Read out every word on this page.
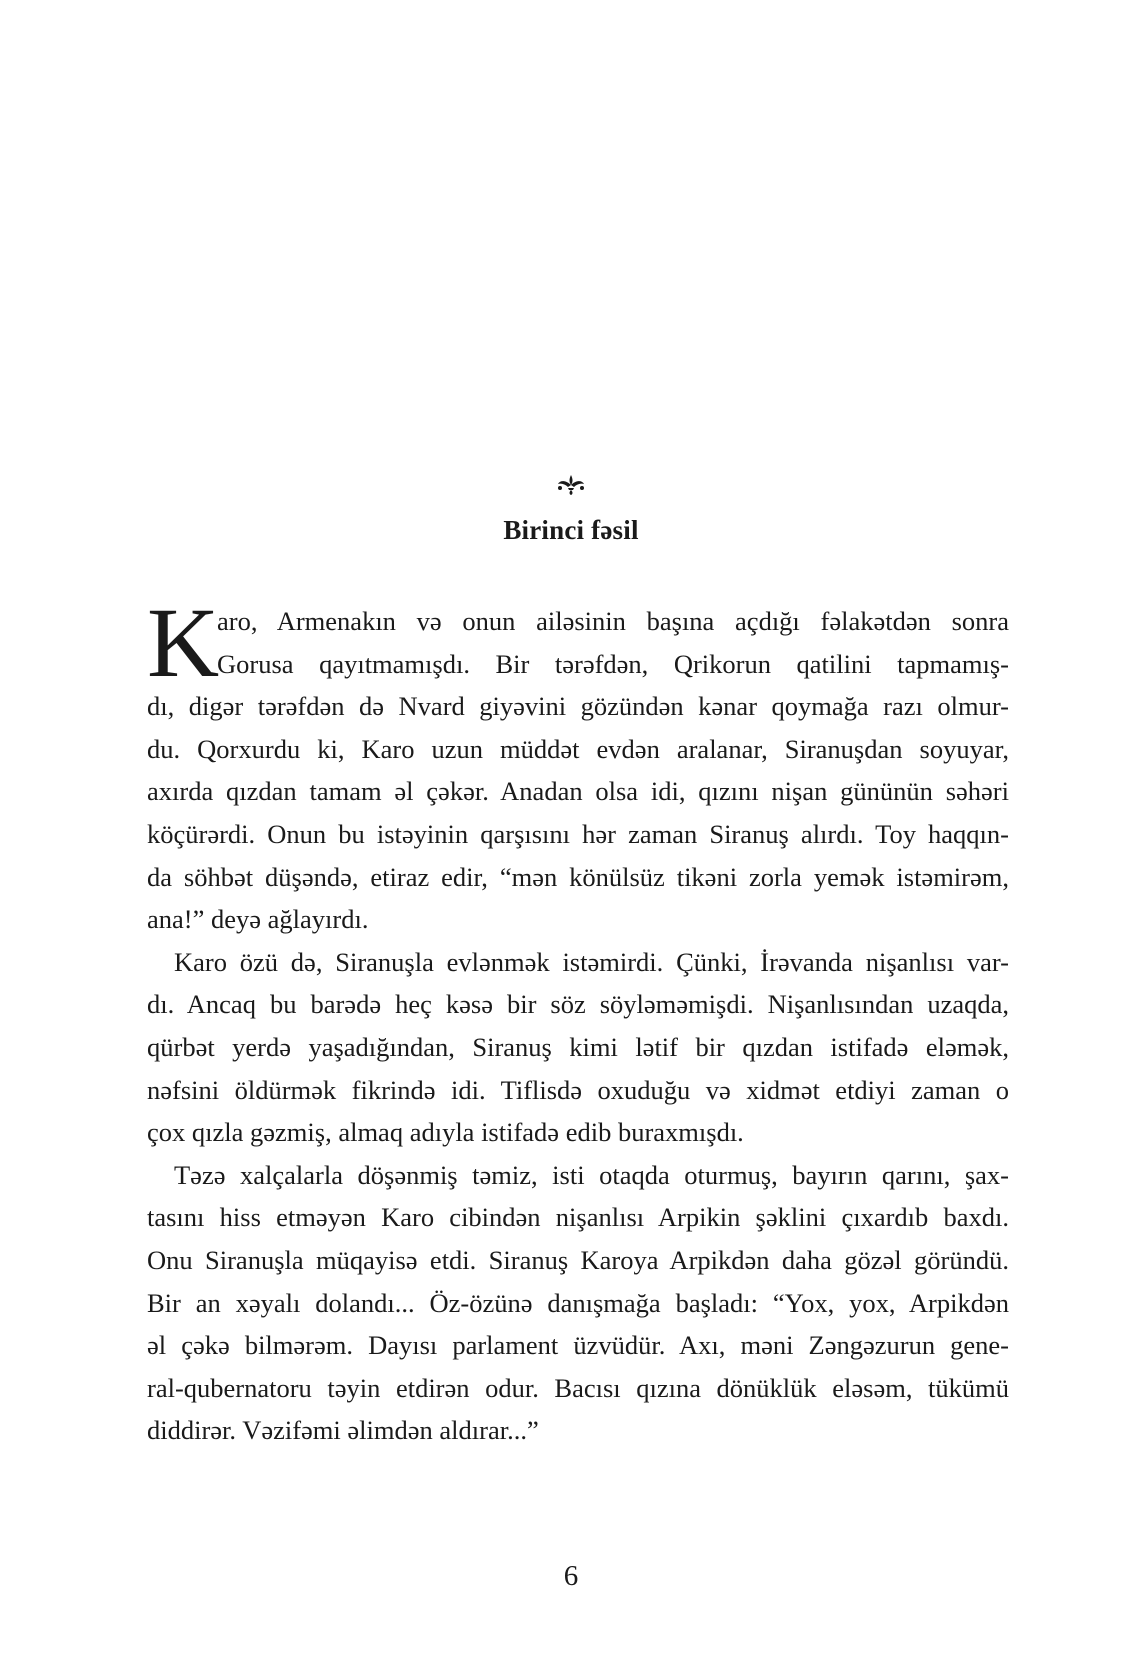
Birinci fəsil
K
aro, Armenakın və onun ailəsinin başına açdığı fəlakətdən sonra
Gorusa qayıtmamışdı. Bir tərəfdən, Qrikorun qatilini tapmamış-
dı, digər tərəfdən də Nvard giyəvini gözündən kənar qoymağa razı olmur-
du. Qorxurdu ki, Karo uzun müddət evdən aralanar, Siranuşdan soyuyar,
axırda qızdan tamam əl çəkər. Anadan olsa idi, qızını nişan gününün səhəri
köçürərdi. Onun bu istəyinin qarşısını hər zaman Siranuş alırdı. Toy haqqın-
da söhbət düşəndə, etiraz edir, “mən könülsüz tikəni zorla yemək istəmirəm,
ana!” deyə ağlayırdı.
Karo özü də, Siranuşla evlənmək istəmirdi. Çünki, İrəvanda nişanlısı var-
dı. Ancaq bu barədə heç kəsə bir söz söyləməmişdi. Nişanlısından uzaqda,
qürbət yerdə yaşadığından, Siranuş kimi lətif bir qızdan istifadə eləmək,
nəfsini öldürmək fikrində idi. Tiflisdə oxuduğu və xidmət etdiyi zaman o
çox qızla gəzmiş, almaq adıyla istifadə edib buraxmışdı.
Təzə xalçalarla döşənmiş təmiz, isti otaqda oturmuş, bayırın qarını, şax-
tasını hiss etməyən Karo cibindən nişanlısı Arpikin şəklini çıxardıb baxdı.
Onu Siranuşla müqayisə etdi. Siranuş Karoya Arpikdən daha gözəl göründü.
Bir an xəyalı dolandı... Öz-özünə danışmağa başladı: “Yox, yox, Arpikdən
əl çəkə bilmərəm. Dayısı parlament üzvüdür. Axı, məni Zəngəzurun gene-
ral-qubernatoru təyin etdirən odur. Bacısı qızına dönüklük eləsəm, tükümü
diddirər. Vəzifəmi əlimdən aldırar...”
6
